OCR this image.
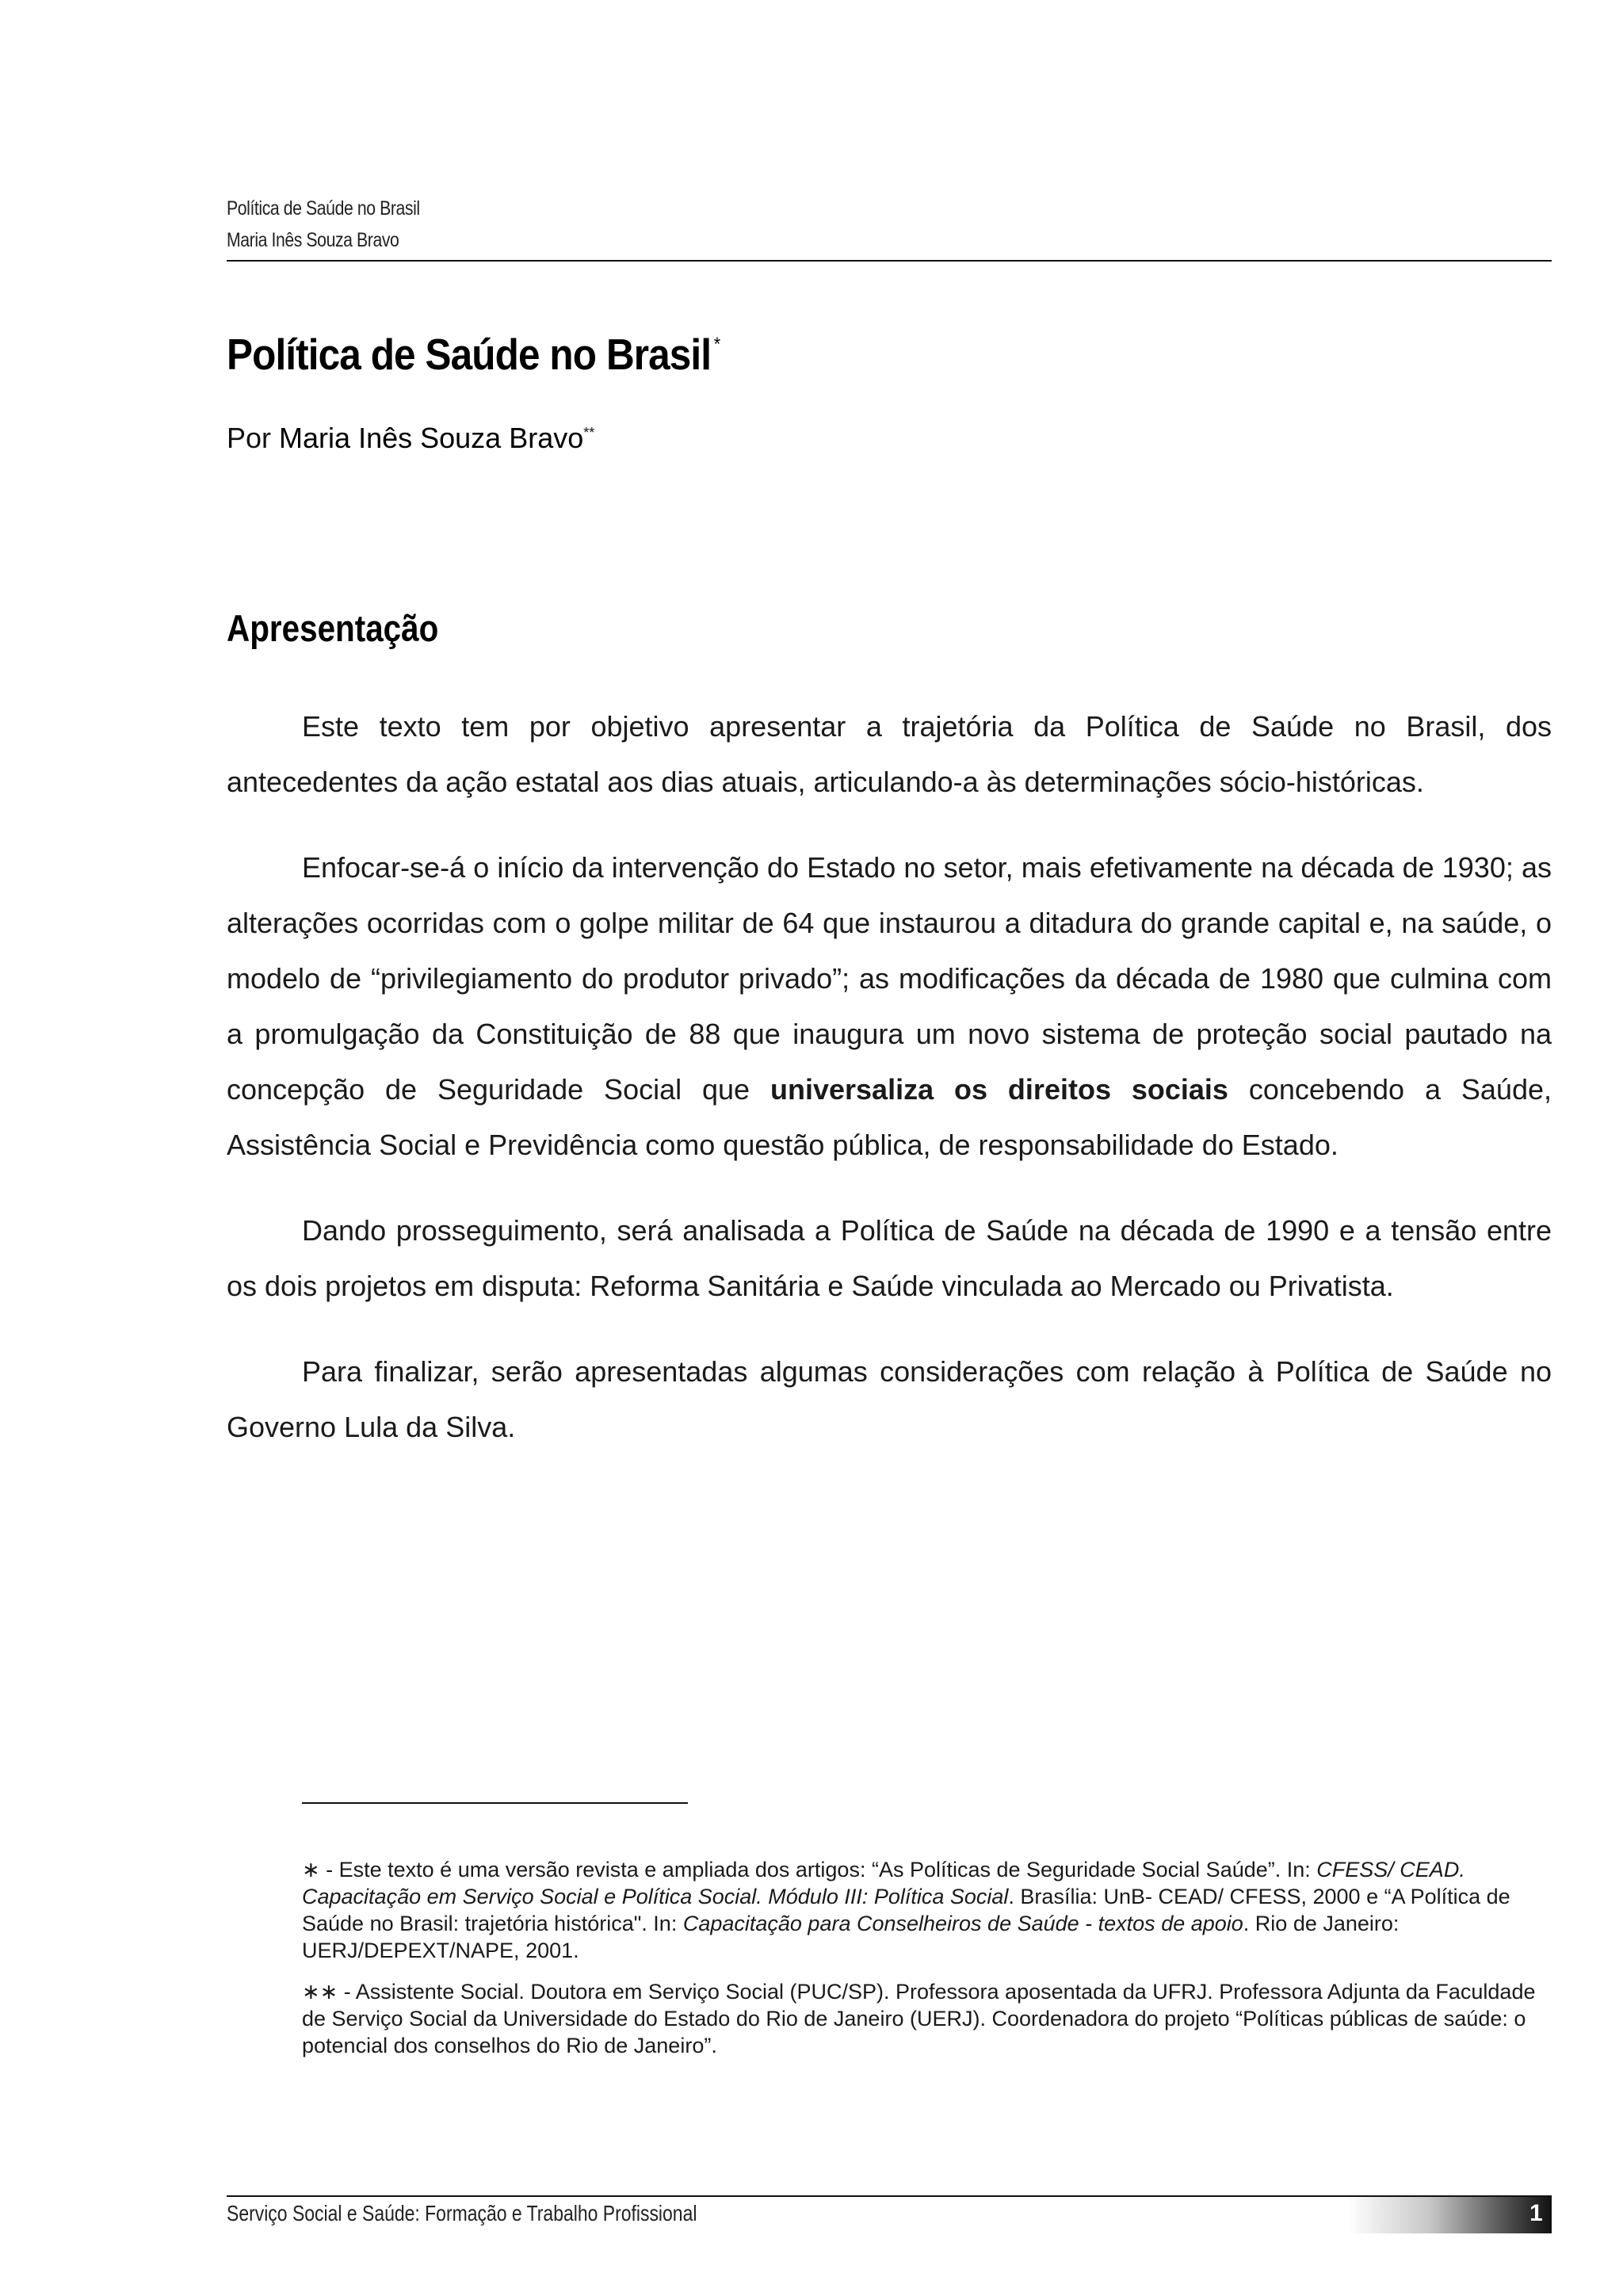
Política de Saúde no Brasil
Maria Inês Souza Bravo
Política de Saúde no Brasil *
Por Maria Inês Souza Bravo**
Apresentação

Este texto tem por objetivo apresentar a trajetória da Política de Saúde no Brasil, dos antecedentes da ação estatal aos dias atuais, articulando-a às determinações sócio-históricas.

Enfocar-se-á o início da intervenção do Estado no setor, mais efetivamente na década de 1930; as alterações ocorridas com o golpe militar de 64 que instaurou a ditadura do grande capital e, na saúde, o modelo de “privilegiamento do produtor privado”; as modificações da década de 1980 que culmina com a promulgação da Constituição de 88 que inaugura um novo sistema de proteção social pautado na concepção de Seguridade Social que universaliza os direitos sociais concebendo a Saúde, Assistência Social e Previdência como questão pública, de responsabilidade do Estado.

Dando prosseguimento, será analisada a Política de Saúde na década de 1990 e a tensão entre os dois projetos em disputa: Reforma Sanitária e Saúde vinculada ao Mercado ou Privatista.

Para finalizar, serão apresentadas algumas considerações com relação à Política de Saúde no Governo Lula da Silva.

∗ - Este texto é uma versão revista e ampliada dos artigos: “As Políticas de Seguridade Social Saúde”. In: CFESS/ CEAD. Capacitação em Serviço Social e Política Social. Módulo III: Política Social. Brasília: UnB- CEAD/ CFESS, 2000 e “A Política de Saúde no Brasil: trajetória histórica". In: Capacitação para Conselheiros de Saúde - textos de apoio. Rio de Janeiro: UERJ/DEPEXT/NAPE, 2001.

∗∗ - Assistente Social. Doutora em Serviço Social (PUC/SP). Professora aposentada da UFRJ. Professora Adjunta da Faculdade de Serviço Social da Universidade do Estado do Rio de Janeiro (UERJ). Coordenadora do projeto “Políticas públicas de saúde: o potencial dos conselhos do Rio de Janeiro”.

Serviço Social e Saúde: Formação e Trabalho Profissional	1
